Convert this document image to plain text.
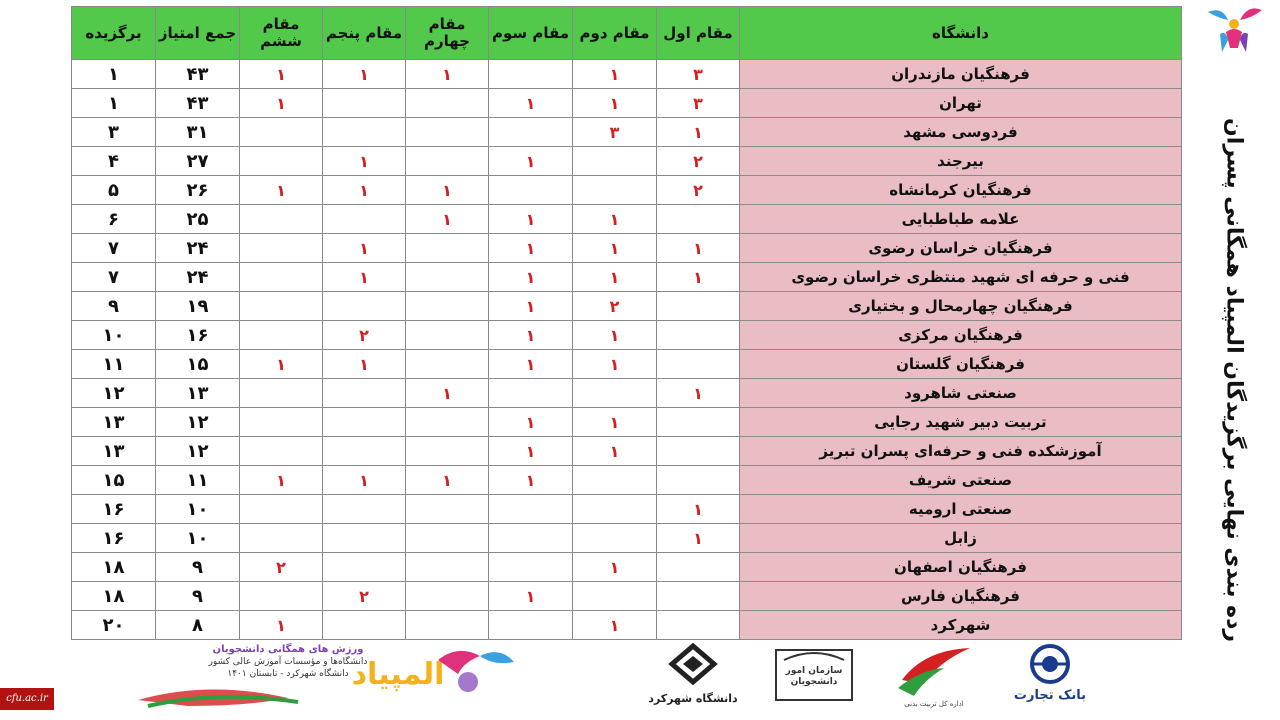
برگزیده	جمع امتیاز	مقام ششم	مقام پنجم	مقام چهارم	مقام سوم	مقام دوم	مقام اول	دانشگاه
۱	۴۳	۱	۱	۱		۱	۳	فرهنگیان مازندران
۱	۴۳	۱			۱	۱	۳	تهران
۳	۳۱					۳	۱	فردوسی مشهد
۴	۲۷		۱		۱		۲	بیرجند
۵	۲۶	۱	۱	۱			۲	فرهنگیان کرمانشاه
۶	۲۵			۱	۱	۱		علامه طباطبایی
۷	۲۴		۱		۱	۱	۱	فرهنگیان خراسان رضوی
۷	۲۴		۱		۱	۱	۱	فنی و حرفه ای شهید منتظری خراسان رضوی
۹	۱۹				۱	۲		فرهنگیان چهارمحال و بختیاری
۱۰	۱۶		۲		۱	۱		فرهنگیان مرکزی
۱۱	۱۵	۱	۱		۱	۱		فرهنگیان گلستان
۱۲	۱۳			۱			۱	صنعتی شاهرود
۱۳	۱۲				۱	۱		تربیت دبیر شهید رجایی
۱۳	۱۲				۱	۱		آموزشکده فنی و حرفه‌ای پسران تبریز
۱۵	۱۱	۱	۱	۱	۱			صنعتی شریف
۱۶	۱۰						۱	صنعتی ارومیه
۱۶	۱۰						۱	زابل
۱۸	۹	۲				۱		فرهنگیان اصفهان
۱۸	۹		۲		۱			فرهنگیان فارس
۲۰	۸	۱				۱		شهرکرد	رده بندی نهایی برگزیدگان المپیاد همگانی پسران
المپیاد
ورزش های همگانی دانشجویان
دانشگاه‌ها و مؤسسات آموزش عالی کشور
دانشگاه شهرکرد - تابستان ۱۴۰۱
دانشگاه شهرکرد
سازمان امور دانشجویان
اداره کل تربیت بدنی
بانک تجارت
cfu.ac.ir
